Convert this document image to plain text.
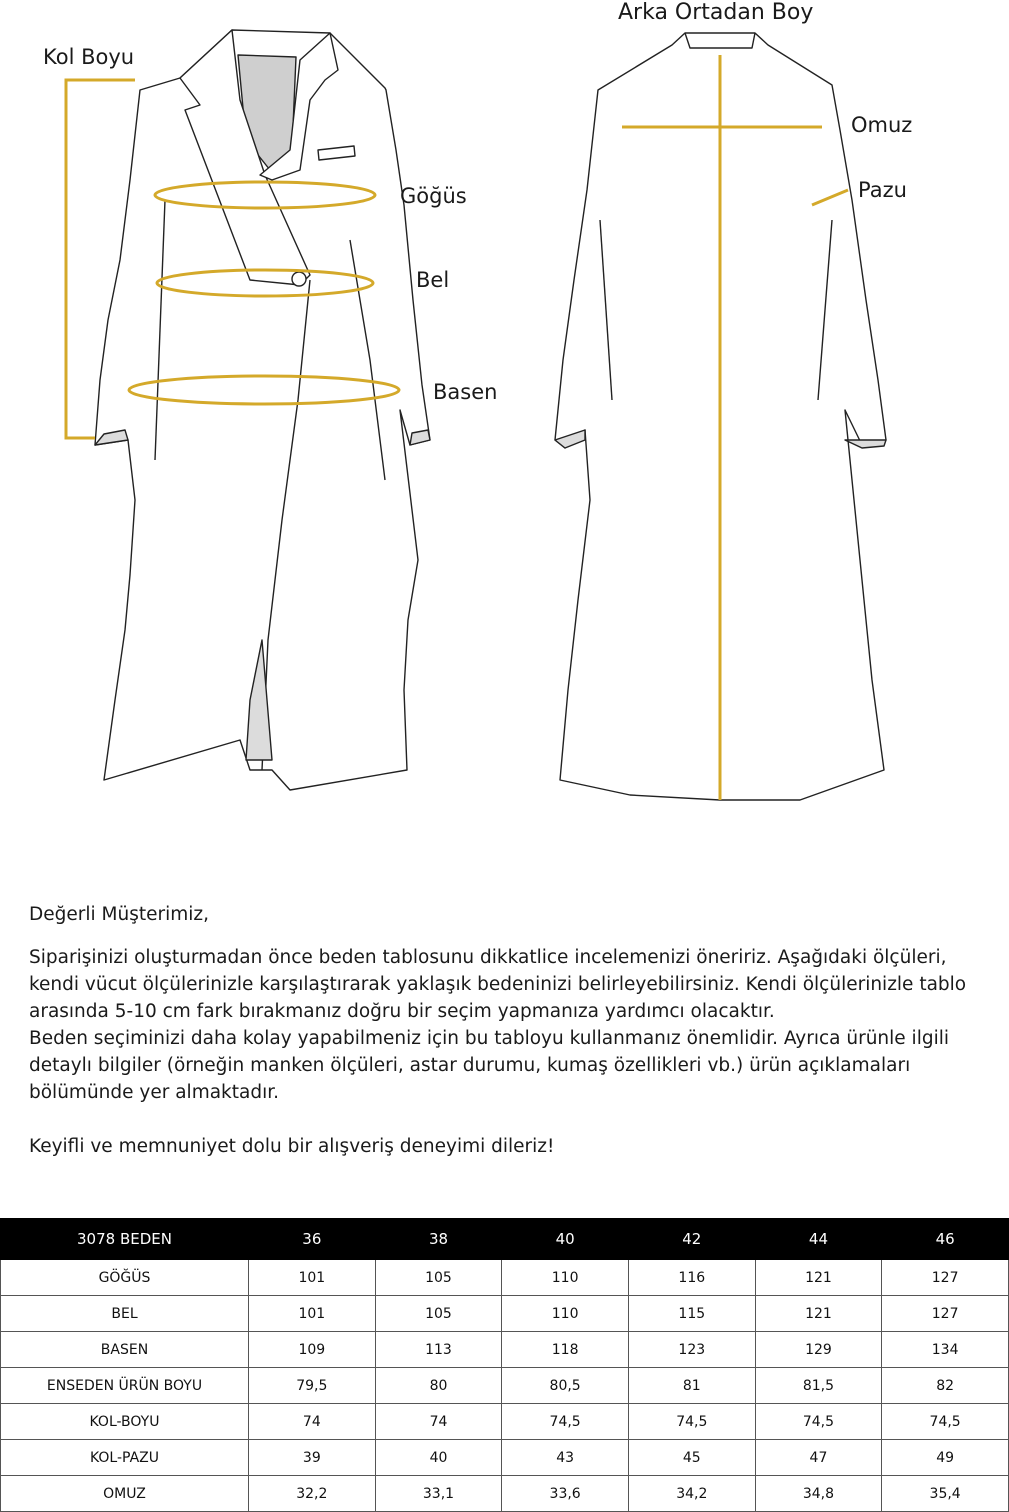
Kol Boyu
Arka Ortadan Boy
Omuz
Pazu
Göğüs
Bel
Basen

Değerli Müşterimiz,

Siparişinizi oluşturmadan önce beden tablosunu dikkatlice incelemenizi öneririz. Aşağıdaki ölçüleri, kendi vücut ölçülerinizle karşılaştırarak yaklaşık bedeninizi belirleyebilirsiniz. Kendi ölçülerinizle tablo arasında 5-10 cm fark bırakmanız doğru bir seçim yapmanıza yardımcı olacaktır.

Beden seçiminizi daha kolay yapabilmeniz için bu tabloyu kullanmanız önemlidir. Ayrıca ürünle ilgili detaylı bilgiler (örneğin manken ölçüleri, astar durumu, kumaş özellikleri vb.) ürün açıklamaları bölümünde yer almaktadır.

Keyifli ve memnuniyet dolu bir alışveriş deneyimi dileriz!

3078 BEDEN	36	38	40	42	44	46
GÖĞÜS	101	105	110	116	121	127
BEL	101	105	110	115	121	127
BASEN	109	113	118	123	129	134
ENSEDEN ÜRÜN BOYU	79,5	80	80,5	81	81,5	82
KOL-BOYU	74	74	74,5	74,5	74,5	74,5
KOL-PAZU	39	40	43	45	47	49
OMUZ	32,2	33,1	33,6	34,2	34,8	35,4
